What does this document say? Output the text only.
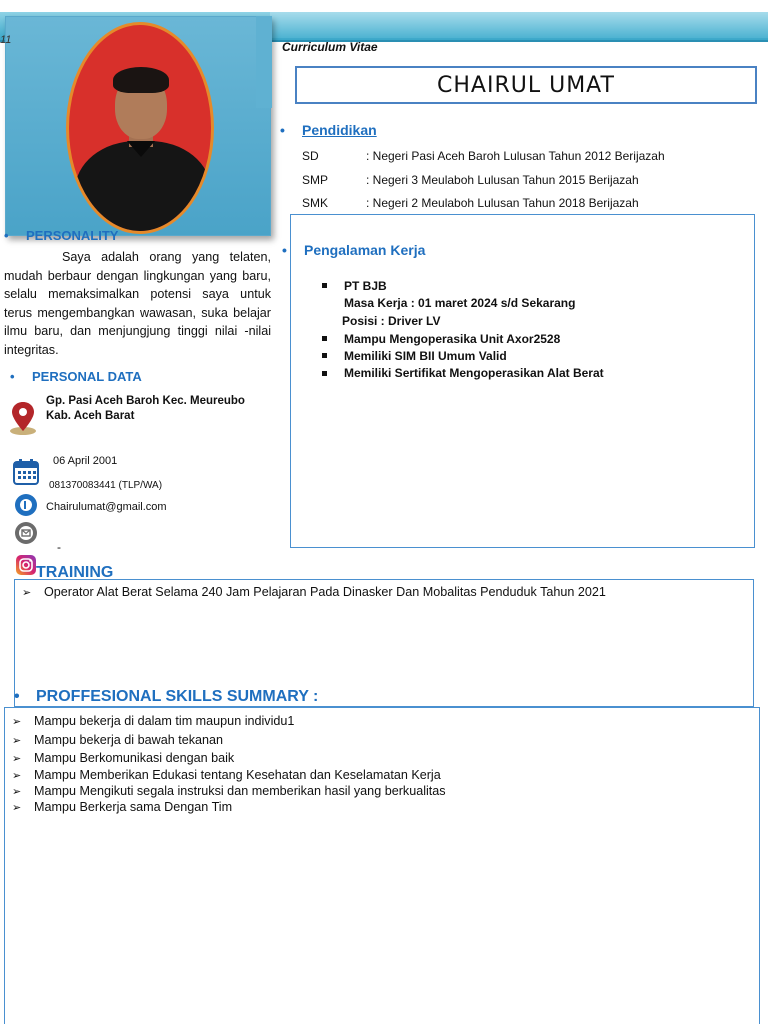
11	Curriculum Vitae
CHAIRUL UMAT
• Pendidikan
SD	: Negeri Pasi Aceh Baroh Lulusan Tahun 2012 Berijazah
SMP	: Negeri 3 Meulaboh Lulusan Tahun 2015 Berijazah
SMK	: Negeri 2 Meulaboh Lulusan Tahun 2018 Berijazah
• Pengalaman Kerja
PT BJB
Masa Kerja : 01 maret 2024 s/d Sekarang
Posisi : Driver LV
Mampu Mengoperasika Unit Axor2528
Memiliki SIM BII Umum Valid
Memiliki Sertifikat Mengoperasikan Alat Berat
• PERSONALITY
Saya adalah orang yang telaten, mudah berbaur dengan lingkungan yang baru, selalu memaksimalkan potensi saya untuk terus mengembangkan wawasan, suka belajar ilmu baru, dan menjungjung tinggi nilai -nilai integritas.
• PERSONAL DATA
Gp. Pasi Aceh Baroh Kec. Meureubo
Kab. Aceh Barat
06 April 2001
081370083441 (TLP/WA)
Chairulumat@gmail.com
-
TRAINING
➢ Operator Alat Berat Selama 240 Jam Pelajaran Pada Dinasker Dan Mobalitas Penduduk Tahun 2021
• PROFFESIONAL SKILLS SUMMARY :
➢ Mampu bekerja di dalam tim maupun individu1
➢ Mampu bekerja di bawah tekanan
➢ Mampu Berkomunikasi dengan baik
➢ Mampu Memberikan Edukasi tentang Kesehatan dan Keselamatan Kerja
➢ Mampu Mengikuti segala instruksi dan memberikan hasil yang berkualitas
➢ Mampu Berkerja sama Dengan Tim
